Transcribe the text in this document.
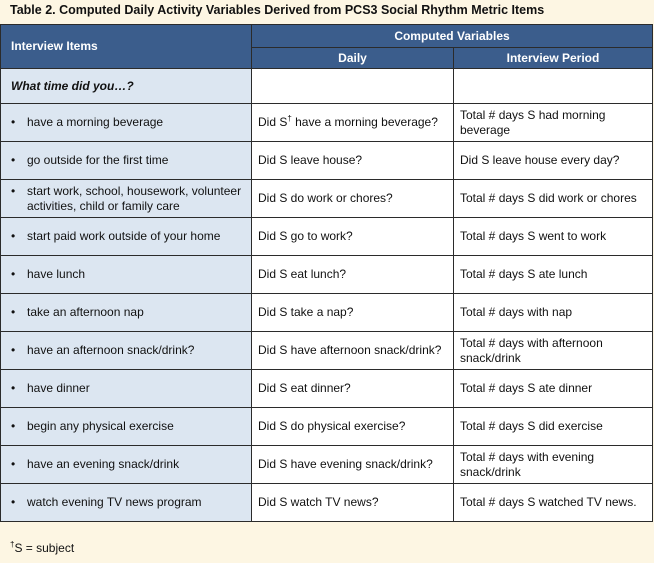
Table 2. Computed Daily Activity Variables Derived from PCS3 Social Rhythm Metric Items
Interview Items	Computed Variables	
	Daily	Interview Period
What time did you…?		

• have a morning beverage	Did S† have a morning beverage?	Total # days S had morning beverage

• go outside for the first time	Did S leave house?	Did S leave house every day?

• start work, school, housework, volunteer activities, child or family care	Did S do work or chores?	Total # days S did work or chores

• start paid work outside of your home	Did S go to work?	Total # days S went to work

• have lunch	Did S eat lunch?	Total # days S ate lunch

• take an afternoon nap	Did S take a nap?	Total # days with nap

• have an afternoon snack/drink?	Did S have afternoon snack/drink?	Total # days with afternoon snack/drink

• have dinner	Did S eat dinner?	Total # days S ate dinner

• begin any physical exercise	Did S do physical exercise?	Total # days S did exercise

• have an evening snack/drink	Did S have evening snack/drink?	Total # days with evening snack/drink

• watch evening TV news program	Did S watch TV news?	Total # days S watched TV news.
†S = subject
